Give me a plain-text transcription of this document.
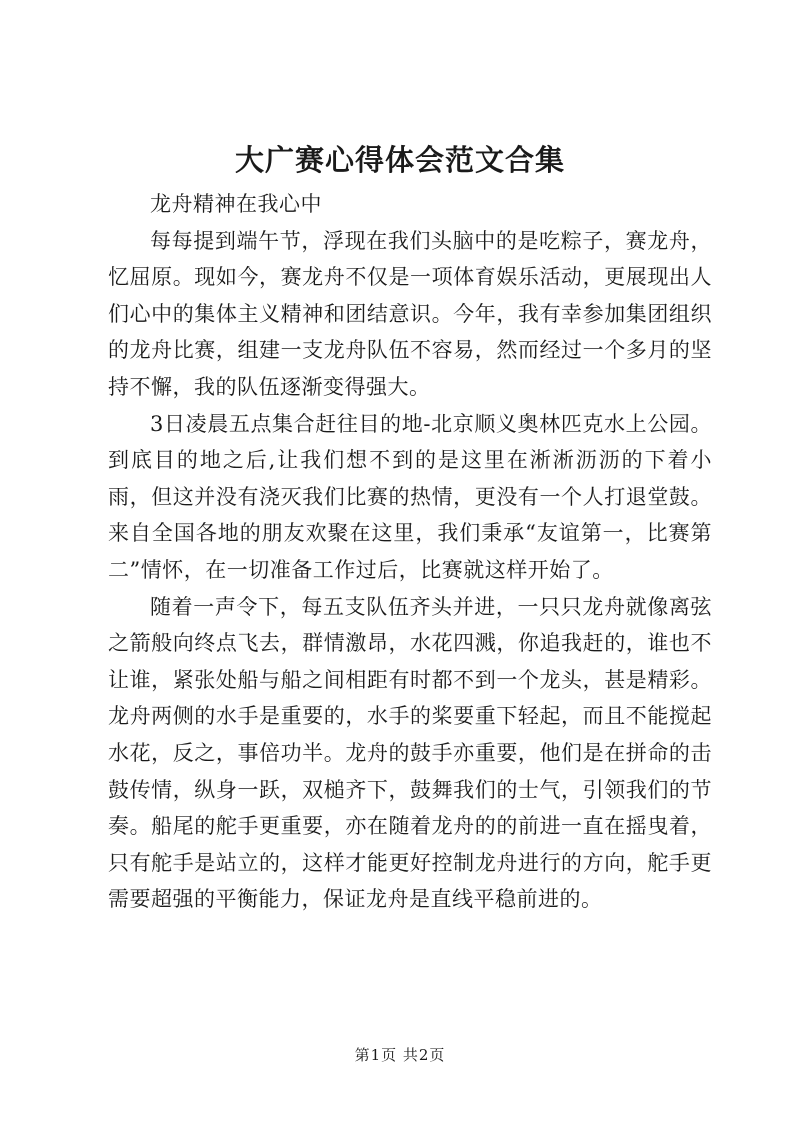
大广赛心得体会范文合集

龙舟精神在我心中

每每提到端午节，浮现在我们头脑中的是吃粽子，赛龙舟，忆屈原。现如今，赛龙舟不仅是一项体育娱乐活动，更展现出人们心中的集体主义精神和团结意识。今年，我有幸参加集团组织的龙舟比赛，组建一支龙舟队伍不容易，然而经过一个多月的坚持不懈，我的队伍逐渐变得强大。

3日凌晨五点集合赶往目的地-北京顺义奥林匹克水上公园。到底目的地之后,让我们想不到的是这里在淅淅沥沥的下着小雨，但这并没有浇灭我们比赛的热情，更没有一个人打退堂鼓。来自全国各地的朋友欢聚在这里，我们秉承“友谊第一，比赛第二”情怀，在一切准备工作过后，比赛就这样开始了。

随着一声令下，每五支队伍齐头并进，一只只龙舟就像离弦之箭般向终点飞去，群情激昂，水花四溅，你追我赶的，谁也不让谁，紧张处船与船之间相距有时都不到一个龙头，甚是精彩。龙舟两侧的水手是重要的，水手的桨要重下轻起，而且不能搅起水花，反之，事倍功半。龙舟的鼓手亦重要，他们是在拼命的击鼓传情，纵身一跃，双槌齐下，鼓舞我们的士气，引领我们的节奏。船尾的舵手更重要，亦在随着龙舟的的前进一直在摇曳着，只有舵手是站立的，这样才能更好控制龙舟进行的方向，舵手更需要超强的平衡能力，保证龙舟是直线平稳前进的。

第1页 共2页
